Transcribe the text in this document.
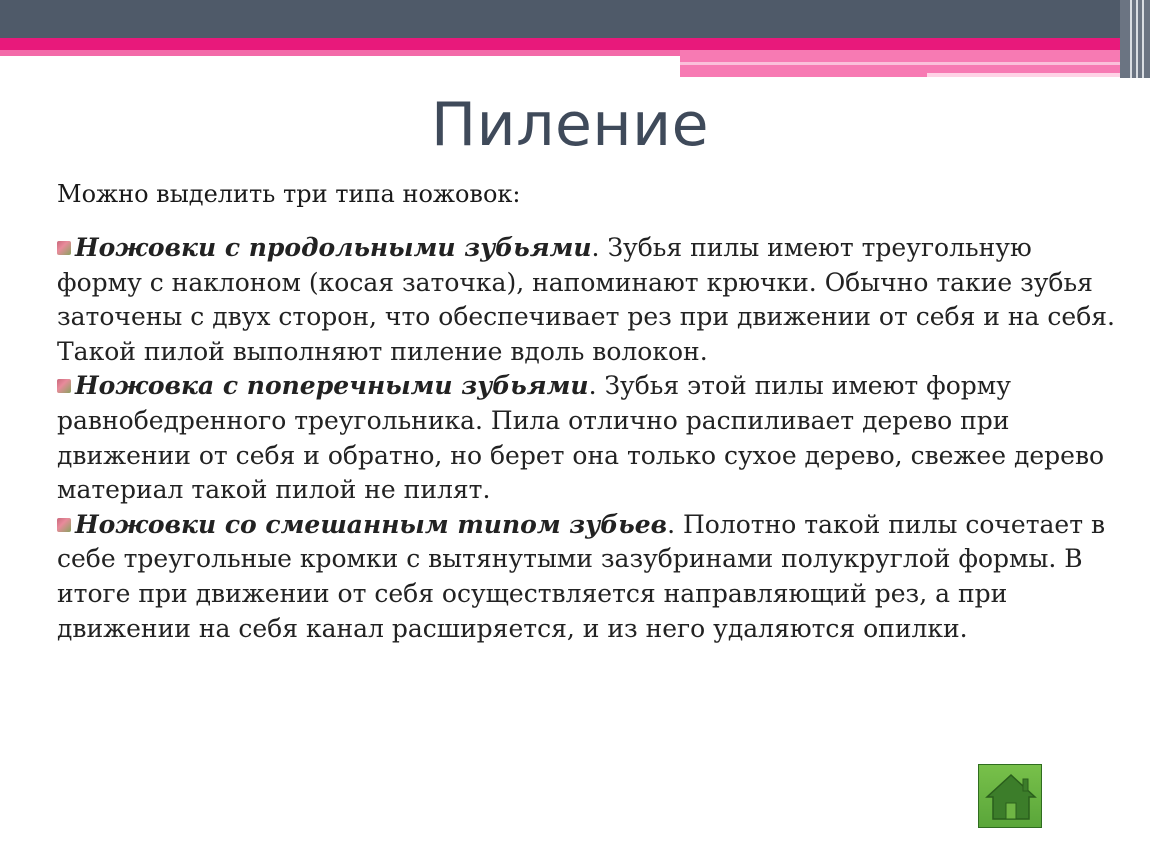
Пиление
Можно выделить три типа ножовок:

Ножовки с продольными зубьями. Зубья пилы имеют треугольную форму с наклоном (косая заточка), напоминают крючки. Обычно такие зубья заточены с двух сторон, что обеспечивает рез при движении от себя и на себя. Такой пилой выполняют пиление вдоль волокон.

Ножовка с поперечными зубьями. Зубья этой пилы имеют форму равнобедренного треугольника. Пила отлично распиливает дерево при движении от себя и обратно, но берет она только сухое дерево, свежее дерево материал такой пилой не пилят.

Ножовки со смешанным типом зубьев. Полотно такой пилы сочетает в себе треугольные кромки с вытянутыми зазубринами полукруглой формы. В итоге при движении от себя осуществляется направляющий рез, а при движении на себя канал расширяется, и из него удаляются опилки.
